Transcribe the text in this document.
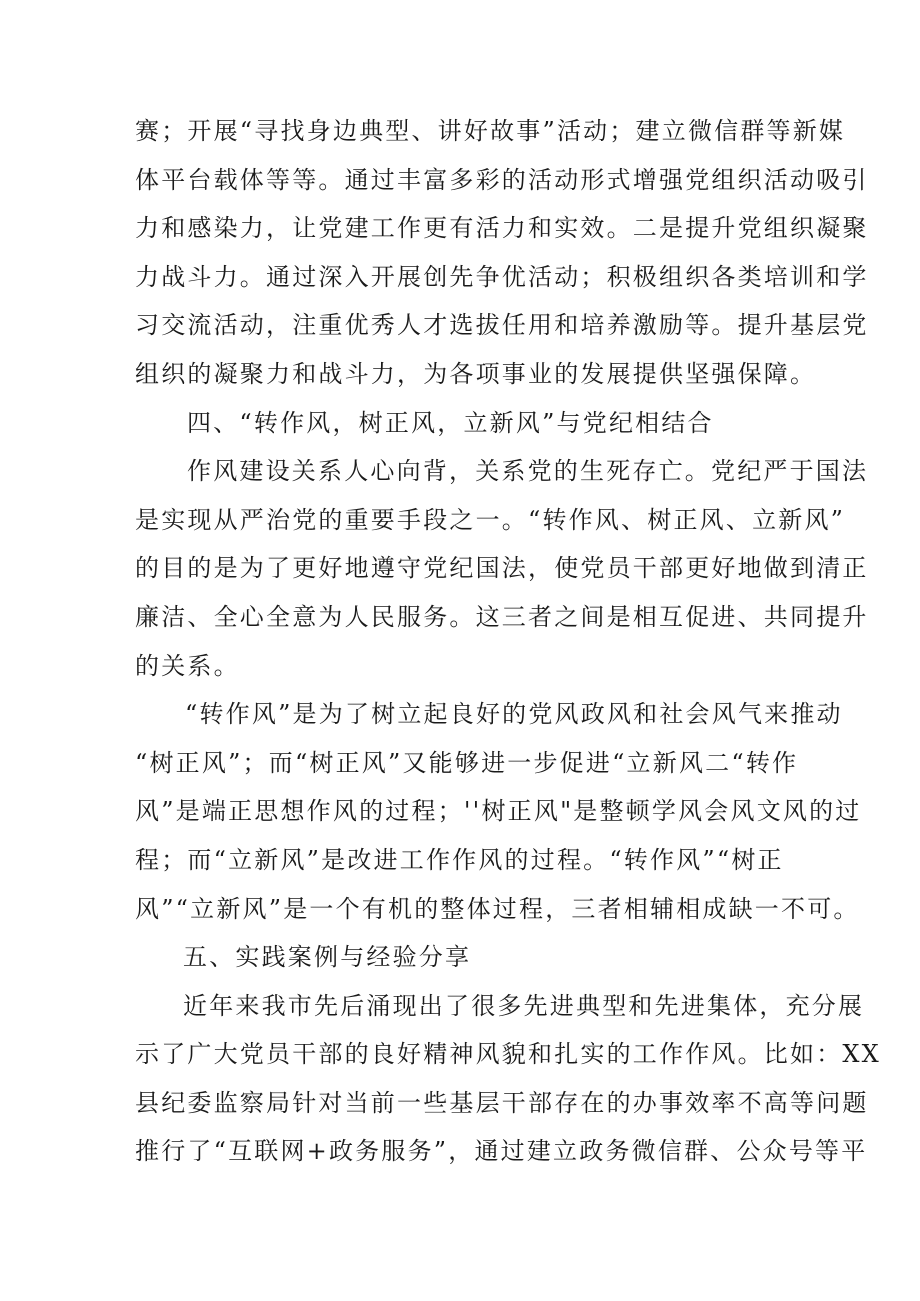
赛；开展“寻找身边典型、讲好故事”活动；建立微信群等新媒
体平台载体等等。通过丰富多彩的活动形式增强党组织活动吸引
力和感染力，让党建工作更有活力和实效。二是提升党组织凝聚
力战斗力。通过深入开展创先争优活动；积极组织各类培训和学
习交流活动，注重优秀人才选拔任用和培养激励等。提升基层党
组织的凝聚力和战斗力，为各项事业的发展提供坚强保障。
四、“转作风，树正风，立新风”与党纪相结合
作风建设关系人心向背，关系党的生死存亡。党纪严于国法
是实现从严治党的重要手段之一。“转作风、树正风、立新风”
的目的是为了更好地遵守党纪国法，使党员干部更好地做到清正
廉洁、全心全意为人民服务。这三者之间是相互促进、共同提升
的关系。
“转作风”是为了树立起良好的党风政风和社会风气来推动
“树正风”；而“树正风”又能够进一步促进“立新风二“转作
风”是端正思想作风的过程；''树正风"是整顿学风会风文风的过
程；而“立新风”是改进工作作风的过程。“转作风”“树正
风”“立新风”是一个有机的整体过程，三者相辅相成缺一不可。
五、实践案例与经验分享
近年来我市先后涌现出了很多先进典型和先进集体，充分展
示了广大党员干部的良好精神风貌和扎实的工作作风。比如：XX
县纪委监察局针对当前一些基层干部存在的办事效率不高等问题
推行了“互联网+政务服务”，通过建立政务微信群、公众号等平
